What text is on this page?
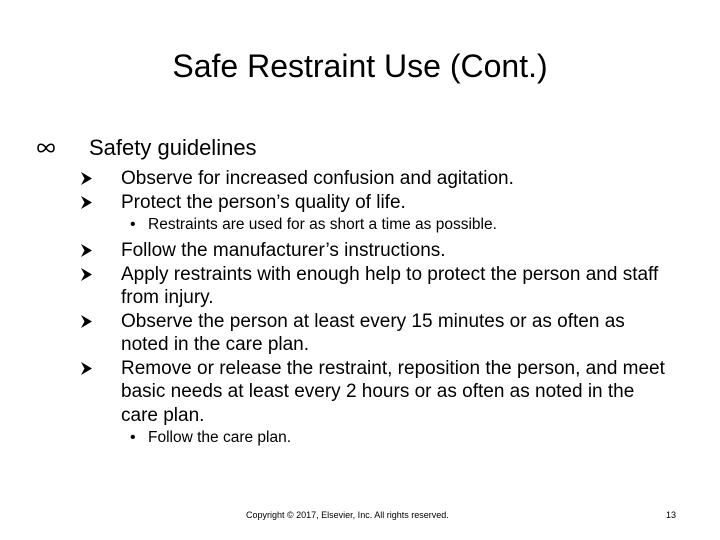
Safe Restraint Use (Cont.)
Safety guidelines
Observe for increased confusion and agitation.
Protect the person’s quality of life.
• Restraints are used for as short a time as possible.
Follow the manufacturer’s instructions.
Apply restraints with enough help to protect the person and staff from injury.
Observe the person at least every 15 minutes or as often as noted in the care plan.
Remove or release the restraint, reposition the person, and meet basic needs at least every 2 hours or as often as noted in the care plan.
• Follow the care plan.
Copyright © 2017, Elsevier, Inc. All rights reserved.	13
